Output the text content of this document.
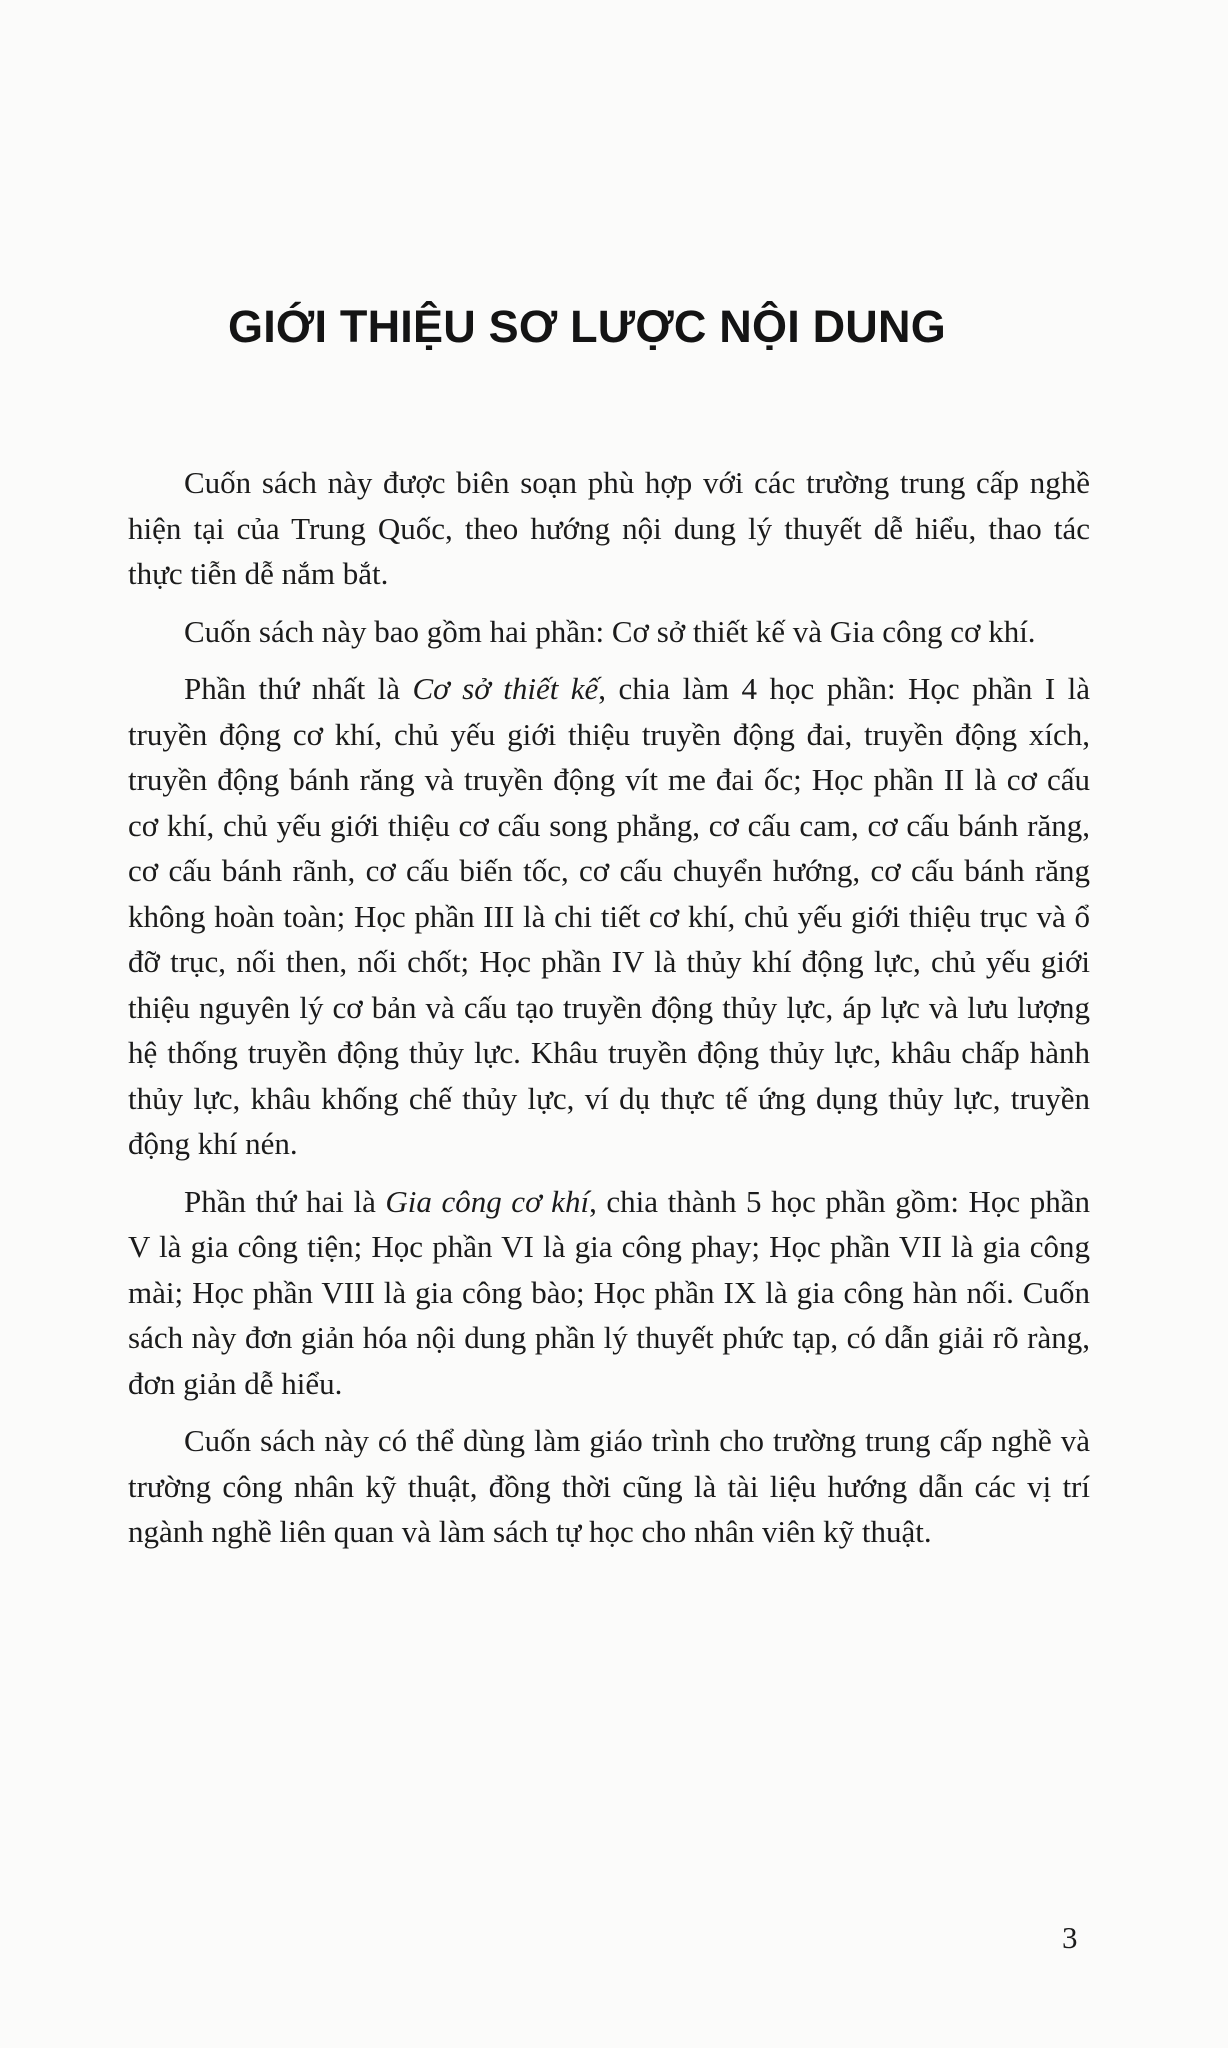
GIỚI THIỆU SƠ LƯỢC NỘI DUNG

Cuốn sách này được biên soạn phù hợp với các trường trung cấp nghề hiện tại của Trung Quốc, theo hướng nội dung lý thuyết dễ hiểu, thao tác thực tiễn dễ nắm bắt.

Cuốn sách này bao gồm hai phần: Cơ sở thiết kế và Gia công cơ khí.

Phần thứ nhất là Cơ sở thiết kế, chia làm 4 học phần: Học phần I là truyền động cơ khí, chủ yếu giới thiệu truyền động đai, truyền động xích, truyền động bánh răng và truyền động vít me đai ốc; Học phần II là cơ cấu cơ khí, chủ yếu giới thiệu cơ cấu song phẳng, cơ cấu cam, cơ cấu bánh răng, cơ cấu bánh rãnh, cơ cấu biến tốc, cơ cấu chuyển hướng, cơ cấu bánh răng không hoàn toàn; Học phần III là chi tiết cơ khí, chủ yếu giới thiệu trục và ổ đỡ trục, nối then, nối chốt; Học phần IV là thủy khí động lực, chủ yếu giới thiệu nguyên lý cơ bản và cấu tạo truyền động thủy lực, áp lực và lưu lượng hệ thống truyền động thủy lực. Khâu truyền động thủy lực, khâu chấp hành thủy lực, khâu khống chế thủy lực, ví dụ thực tế ứng dụng thủy lực, truyền động khí nén.

Phần thứ hai là Gia công cơ khí, chia thành 5 học phần gồm: Học phần V là gia công tiện; Học phần VI là gia công phay; Học phần VII là gia công mài; Học phần VIII là gia công bào; Học phần IX là gia công hàn nối. Cuốn sách này đơn giản hóa nội dung phần lý thuyết phức tạp, có dẫn giải rõ ràng, đơn giản dễ hiểu.

Cuốn sách này có thể dùng làm giáo trình cho trường trung cấp nghề và trường công nhân kỹ thuật, đồng thời cũng là tài liệu hướng dẫn các vị trí ngành nghề liên quan và làm sách tự học cho nhân viên kỹ thuật.

3
